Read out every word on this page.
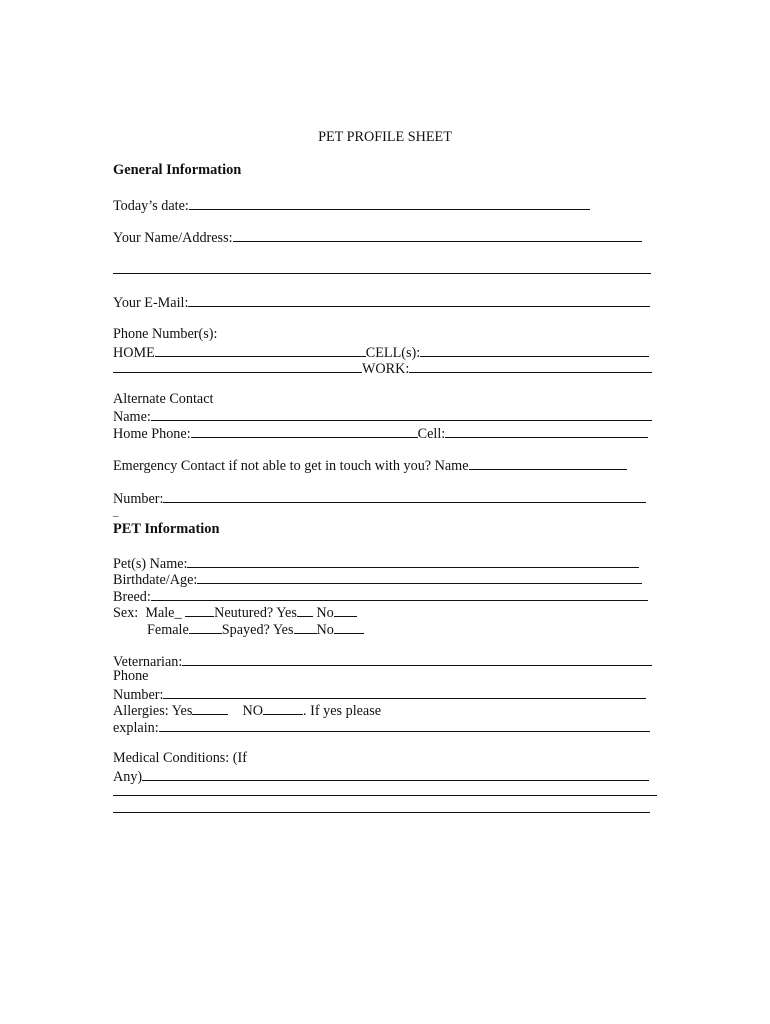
PET PROFILE SHEET
General Information
Today’s date:
Your Name/Address:
Your E-Mail:
Phone Number(s):
HOME	CELL(s):
WORK:
Alternate Contact
Name:
Home Phone:	Cell:
Emergency Contact if not able to get in touch with you? Name
Number:
_
PET Information
Pet(s) Name:
Birthdate/Age:
Breed:
Sex: Male_ Neutured? Yes No
Female Spayed? Yes No
Veternarian:
Phone
Number:
Allergies: Yes	NO	. If yes please
explain:
Medical Conditions: (If
Any)
